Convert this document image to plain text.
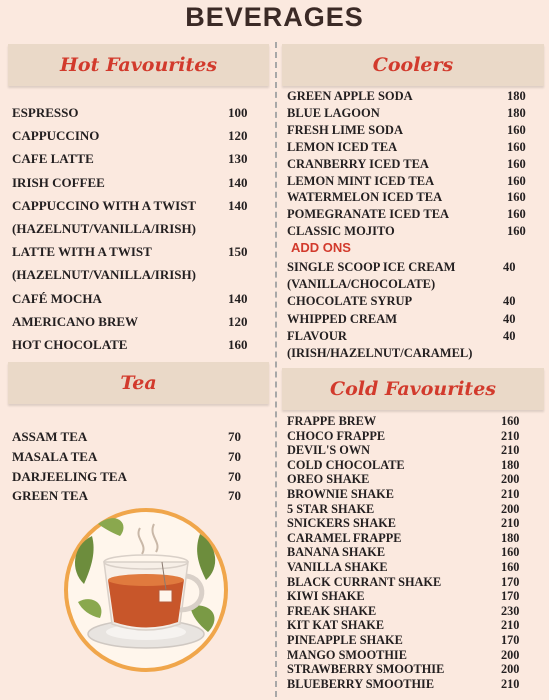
BEVERAGES
Hot Favourites
Tea
Coolers
Cold Favourites
ESPRESSO	100
CAPPUCCINO	120
CAFE LATTE	130
IRISH COFFEE	140
CAPPUCCINO WITH A TWIST 140
(HAZELNUT/VANILLA/IRISH)
LATTE WITH A TWIST	150
(HAZELNUT/VANILLA/IRISH)
CAFÉ MOCHA	140
AMERICANO BREW	120
HOT CHOCOLATE	160
ASSAM TEA	70
MASALA TEA	70
DARJEELING TEA	70
GREEN TEA	70
GREEN APPLE SODA	180
BLUE LAGOON	180
FRESH LIME SODA	160
LEMON ICED TEA	160
CRANBERRY ICED TEA	160
LEMON MINT ICED TEA	160
WATERMELON ICED TEA	160
POMEGRANATE ICED TEA	160
CLASSIC MOJITO	160
ADD ONS
SINGLE SCOOP ICE CREAM	40
(VANILLA/CHOCOLATE)
CHOCOLATE SYRUP	40
WHIPPED CREAM	40
FLAVOUR	40
(IRISH/HAZELNUT/CARAMEL)
FRAPPE BREW	160
CHOCO FRAPPE	210
DEVIL'S OWN	210
COLD CHOCOLATE	180
OREO SHAKE	200
BROWNIE SHAKE	210
5 STAR SHAKE	200
SNICKERS SHAKE	210
CARAMEL FRAPPE	180
BANANA SHAKE	160
VANILLA SHAKE	160
BLACK CURRANT SHAKE	170
KIWI SHAKE	170
FREAK SHAKE	230
KIT KAT SHAKE	210
PINEAPPLE SHAKE	170
MANGO SMOOTHIE	200
STRAWBERRY SMOOTHIE	200
BLUEBERRY SMOOTHIE	210
